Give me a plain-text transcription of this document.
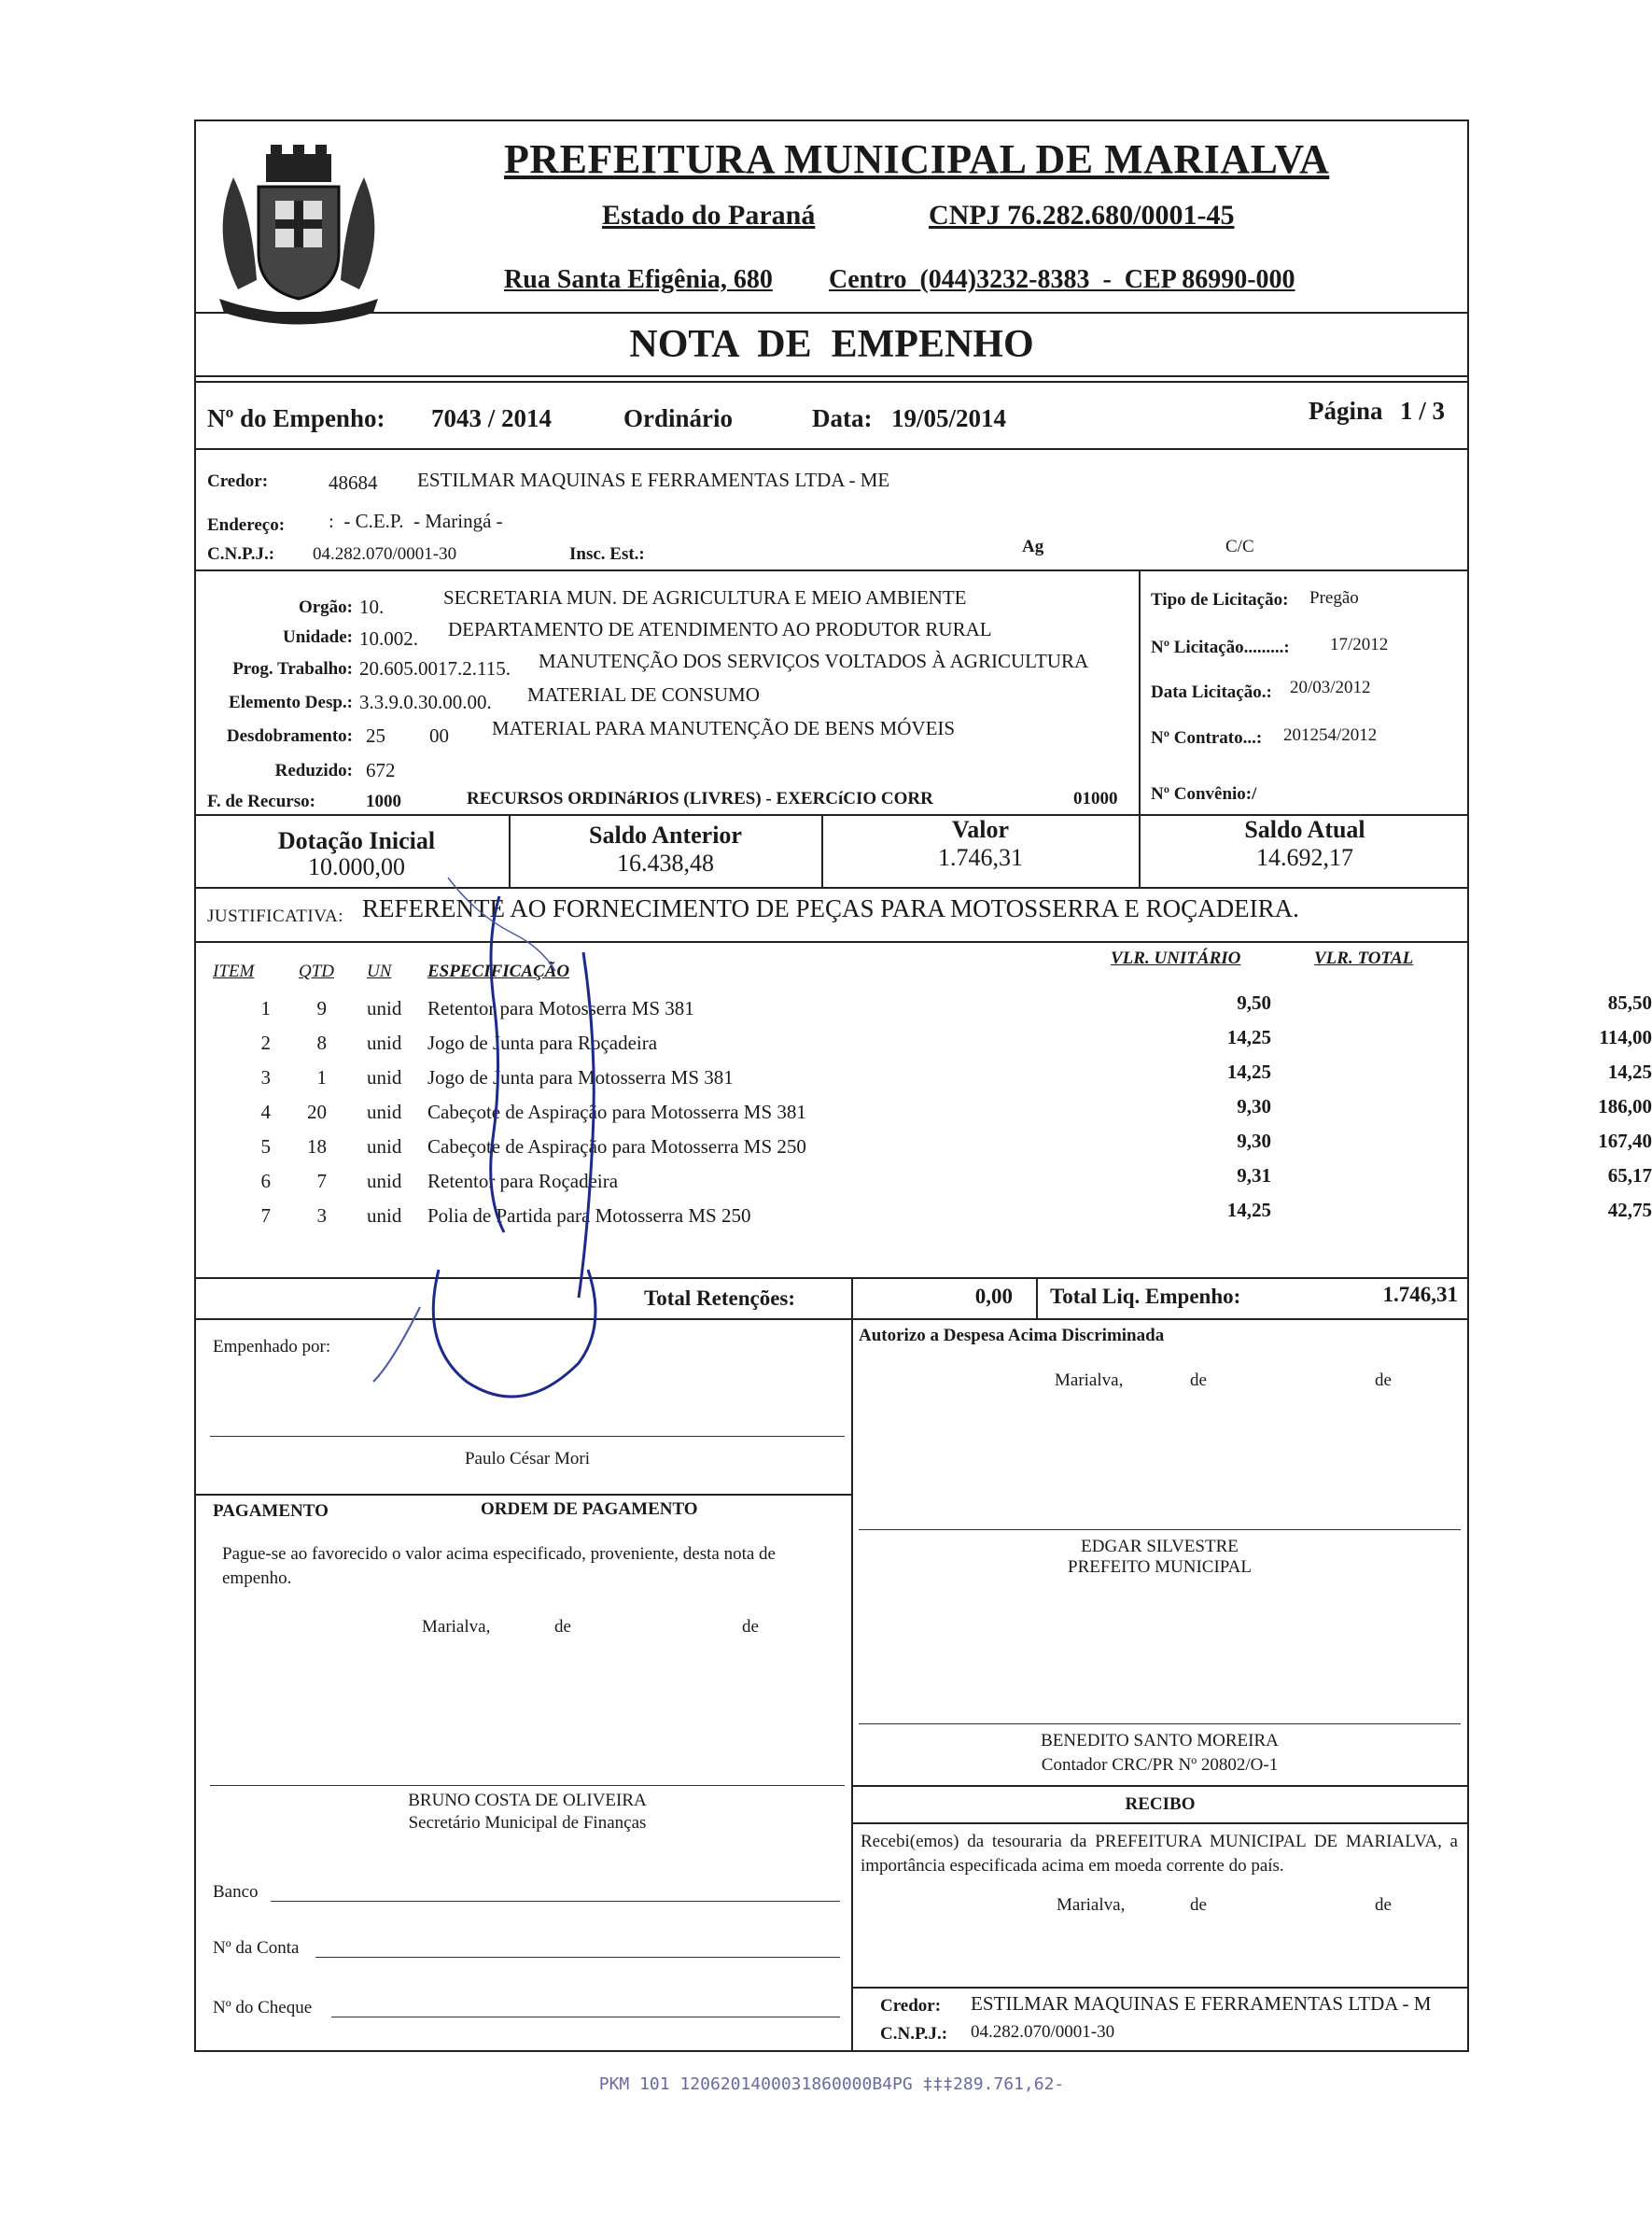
PREFEITURA MUNICIPAL DE MARIALVA
Estado do Paraná	CNPJ 76.282.680/0001-45
Rua Santa Efigênia, 680 Centro  (044)3232-8383  -  CEP 86990-000
NOTA  DE  EMPENHO
Nº do Empenho: 7043 / 2014	Ordinário	Data: 19/05/2014	Página 1 / 3
Credor:	48684 ESTILMAR MAQUINAS E FERRAMENTAS LTDA - ME
Endereço: :  - C.E.P.  - Maringá -
C.N.P.J.: 04.282.070/0001-30	Insc. Est.:	Ag	C/C
Orgão: 10.	SECRETARIA MUN. DE AGRICULTURA E MEIO AMBIENTE
Unidade: 10.002. DEPARTAMENTO DE ATENDIMENTO AO PRODUTOR RURAL
Prog. Trabalho: 20.605.0017.2.115. MANUTENÇÃO DOS SERVIÇOS VOLTADOS À AGRICULTURA
Elemento Desp.: 3.3.9.0.30.00.00. MATERIAL DE CONSUMO
Desdobramento: 25 00 MATERIAL PARA MANUTENÇÃO DE BENS MÓVEIS
Reduzido: 672
F. de Recurso:	1000	RECURSOS ORDINáRIOS (LIVRES) - EXERCíCIO CORR	01000
Tipo de Licitação: Pregão
Nº Licitação.........: 17/2012
Data Licitação.: 20/03/2012
Nº Contrato...: 201254/2012
Nº Convênio:/
Dotação Inicial
10.000,00
Saldo Anterior
16.438,48
Valor
1.746,31
Saldo Atual
14.692,17
JUSTIFICATIVA: REFERENTE AO FORNECIMENTO DE PEÇAS PARA MOTOSSERRA E ROÇADEIRA.
ITEM	QTD UN ESPECIFICAÇÃO
VLR. UNITÁRIO	VLR. TOTAL
1	9 unid Retentor para Motosserra MS 381	9,50	85,50
2	8 unid Jogo de Junta para Roçadeira	14,25	114,00
3	1 unid Jogo de Junta para Motosserra MS 381	14,25	14,25
4	20 unid Cabeçote de Aspiração para Motosserra MS 381	9,30	186,00
5	18 unid Cabeçote de Aspiração para Motosserra MS 250	9,30	167,40
6	7 unid Retentor para Roçadeira	9,31	65,17
7	3 unid Polia de Partida para Motosserra MS 250	14,25	42,75
Total Retenções:	0,00 Total Liq. Empenho:	1.746,31
Empenhado por:
Paulo César Mori
Autorizo a Despesa Acima Discriminada
Marialva,	de	de
PAGAMENTO	ORDEM DE PAGAMENTO
Pague-se ao favorecido o valor acima especificado, proveniente, desta nota de empenho.
Marialva,	de	de
EDGAR SILVESTRE
PREFEITO MUNICIPAL
BENEDITO SANTO MOREIRA
Contador CRC/PR Nº 20802/O-1
BRUNO COSTA DE OLIVEIRA
Secretário Municipal de Finanças
RECIBO
Recebi(emos) da tesouraria da PREFEITURA MUNICIPAL DE MARIALVA, a importância especificada acima em moeda corrente do país.
Marialva,	de	de
Banco
Nº da Conta
Nº do Cheque	Credor: ESTILMAR MAQUINAS E FERRAMENTAS LTDA - M
C.N.P.J.: 04.282.070/0001-30
PKM 101 1206201400031860000B4PG ‡‡‡289.761,62-
